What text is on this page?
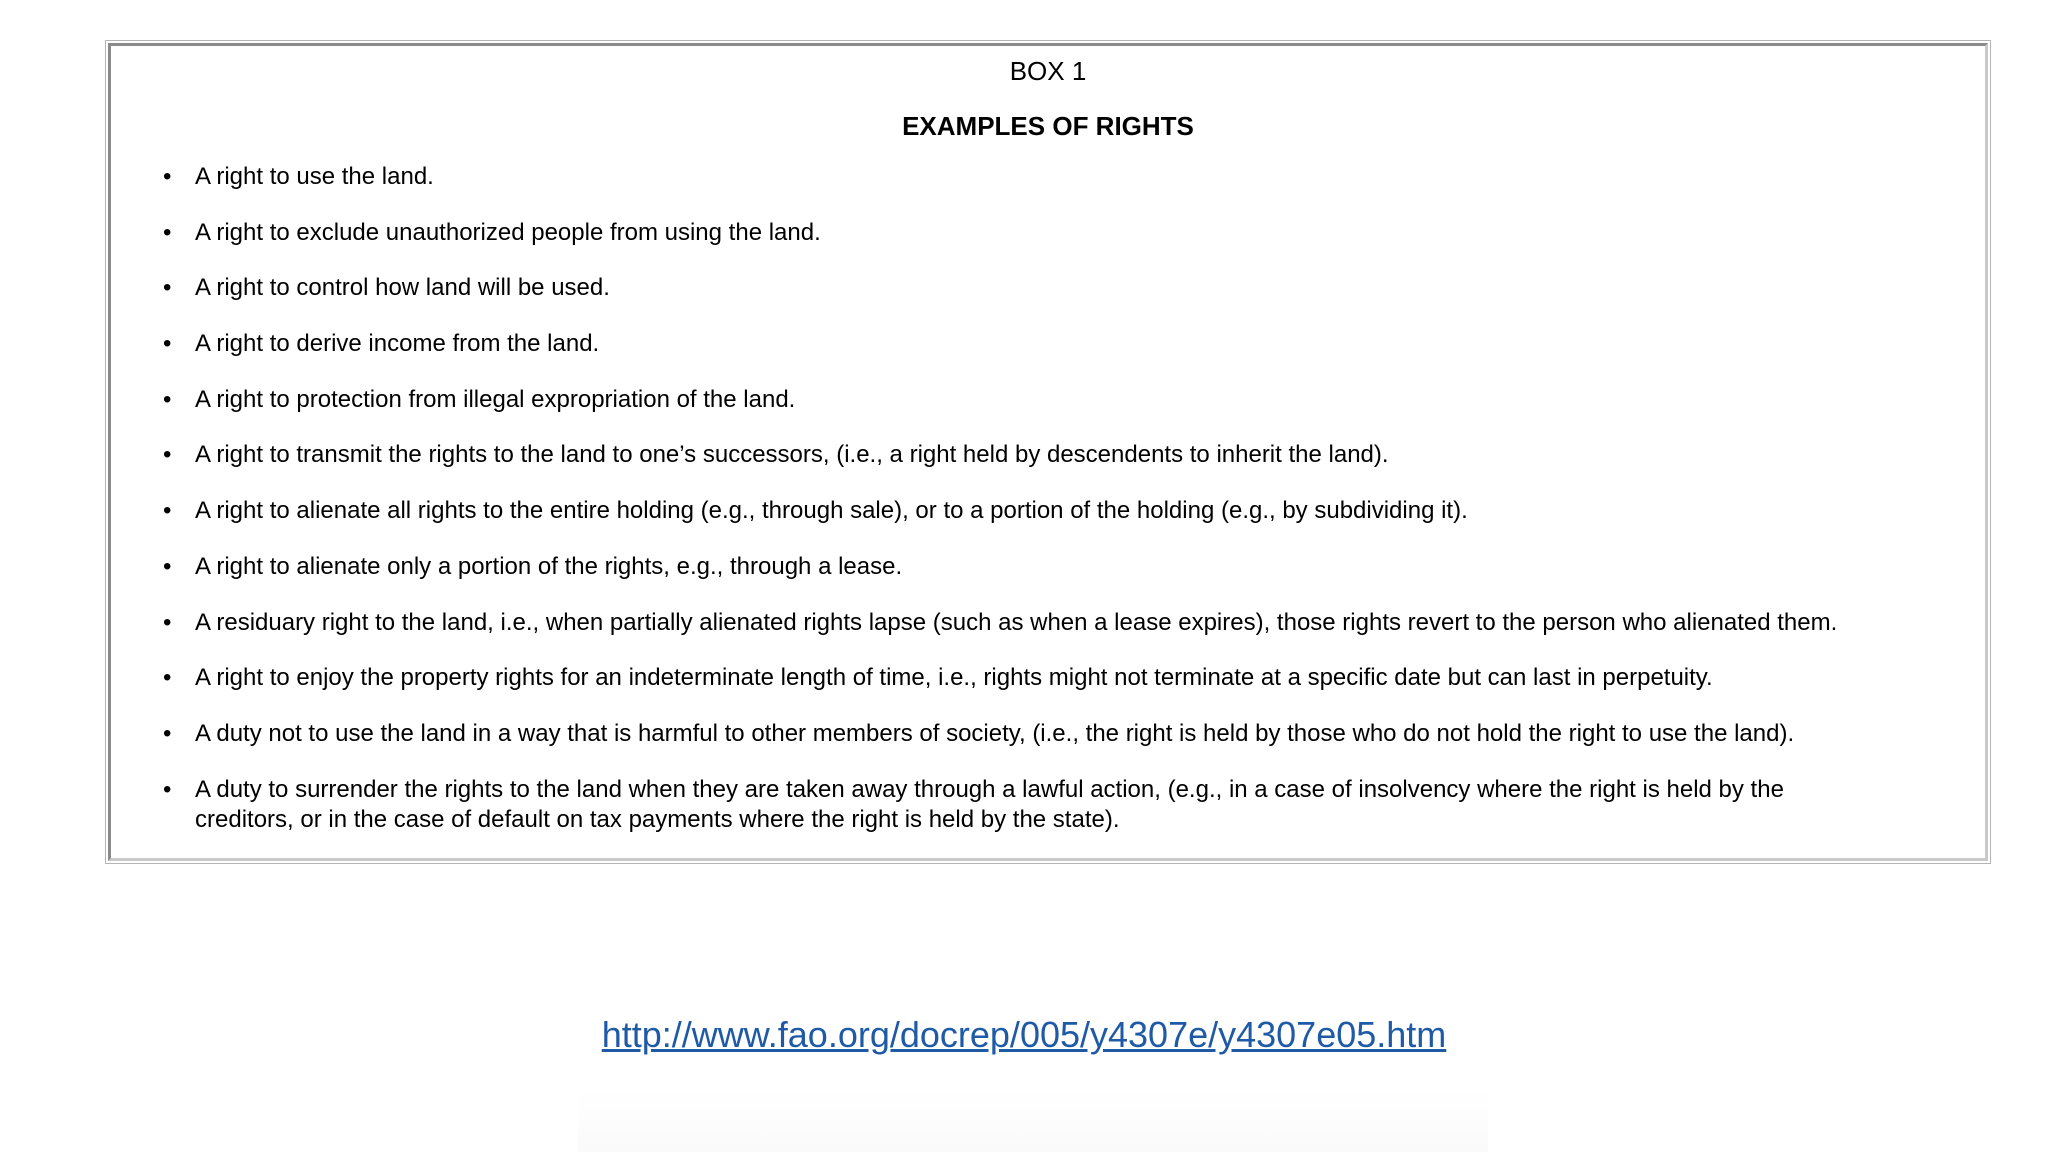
BOX 1
EXAMPLES OF RIGHTS
• A right to use the land.
• A right to exclude unauthorized people from using the land.
• A right to control how land will be used.
• A right to derive income from the land.
• A right to protection from illegal expropriation of the land.
• A right to transmit the rights to the land to one’s successors, (i.e., a right held by descendents to inherit the land).
• A right to alienate all rights to the entire holding (e.g., through sale), or to a portion of the holding (e.g., by subdividing it).
• A right to alienate only a portion of the rights, e.g., through a lease.
• A residuary right to the land, i.e., when partially alienated rights lapse (such as when a lease expires), those rights revert to the person who alienated them.
• A right to enjoy the property rights for an indeterminate length of time, i.e., rights might not terminate at a specific date but can last in perpetuity.
• A duty not to use the land in a way that is harmful to other members of society, (i.e., the right is held by those who do not hold the right to use the land).
• A duty to surrender the rights to the land when they are taken away through a lawful action, (e.g., in a case of insolvency where the right is held by the creditors, or in the case of default on tax payments where the right is held by the state).
http://www.fao.org/docrep/005/y4307e/y4307e05.htm
